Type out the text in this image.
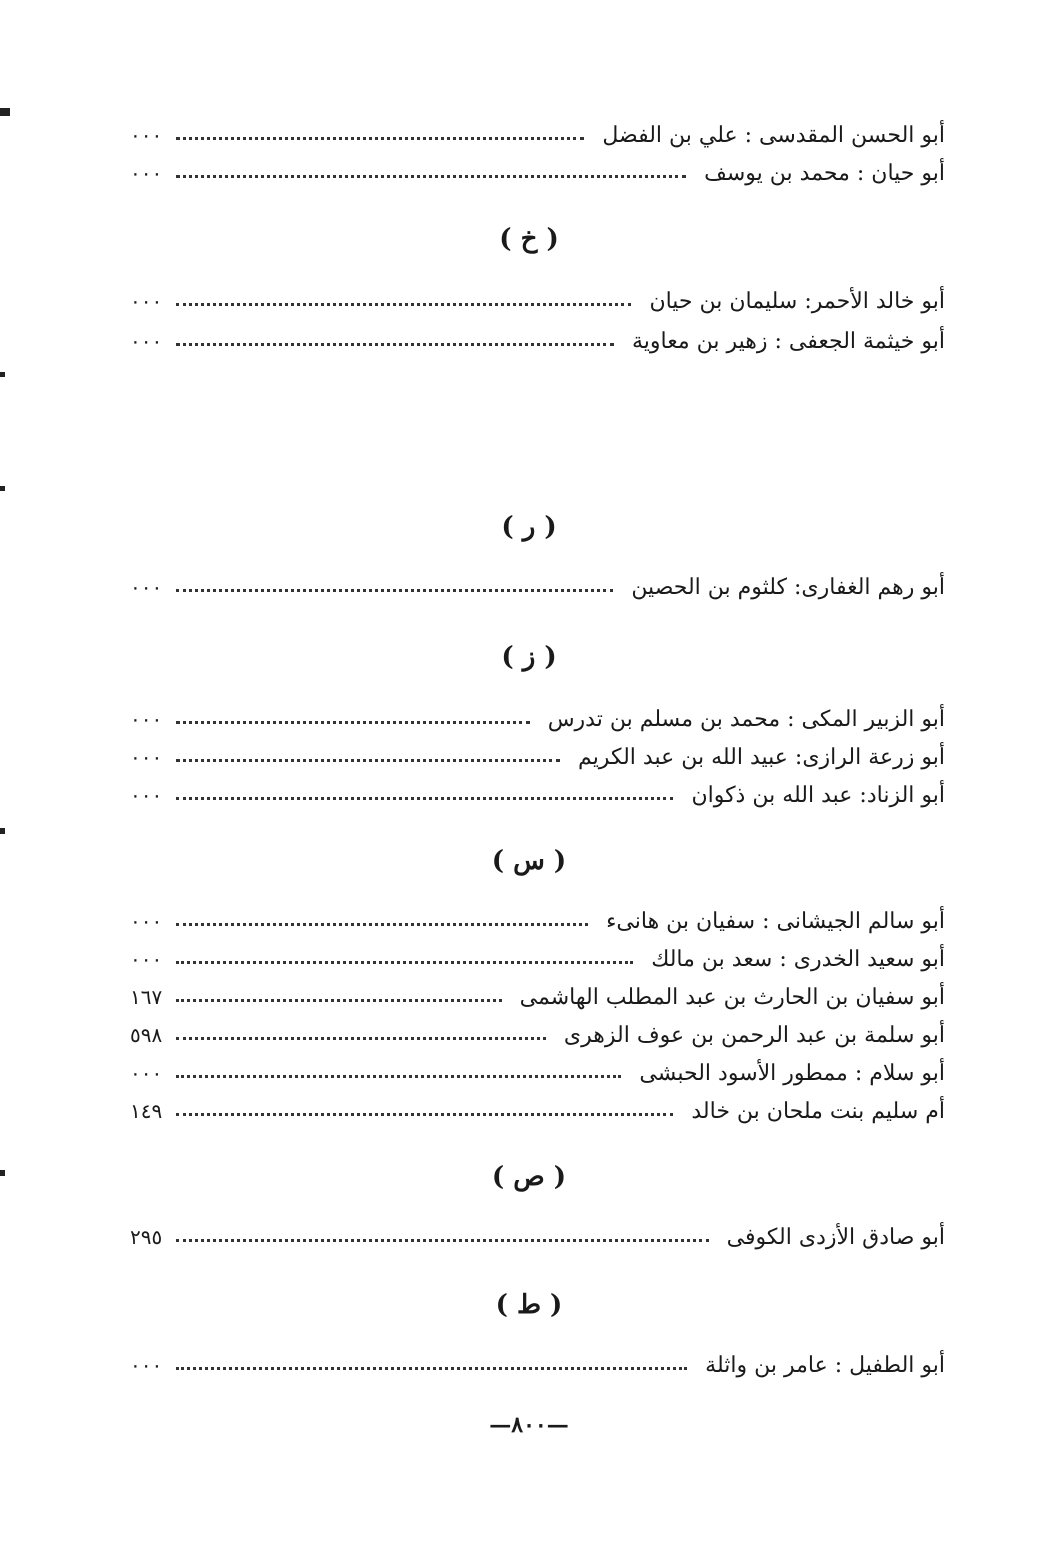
أبو الحسن المقدسى : علي بن الفضل
٠٠٠
أبو حيان : محمد بن يوسف
٠٠٠
( خ )
أبو خالد الأحمر: سليمان بن حيان
٠٠٠
أبو خيثمة الجعفى : زهير بن معاوية
٠٠٠
( ر )
أبو رهم الغفارى: كلثوم بن الحصين
٠٠٠
( ز )
أبو الزبير المكى : محمد بن مسلم بن تدرس
٠٠٠
أبو زرعة الرازى: عبيد الله بن عبد الكريم
٠٠٠
أبو الزناد: عبد الله بن ذكوان
٠٠٠
( س )
أبو سالم الجيشانى : سفيان بن هانىء
٠٠٠
أبو سعيد الخدرى : سعد بن مالك
٠٠٠
أبو سفيان بن الحارث بن عبد المطلب الهاشمى
١٦٧
أبو سلمة بن عبد الرحمن بن عوف الزهرى
٥٩٨
أبو سلام : ممطور الأسود الحبشى
٠٠٠
أم سليم بنت ملحان بن خالد
١٤٩
( ص )
أبو صادق الأزدى الكوفى
٢٩٥
( ط )
أبو الطفيل : عامر بن واثلة
٠٠٠
—٨٠٠—
